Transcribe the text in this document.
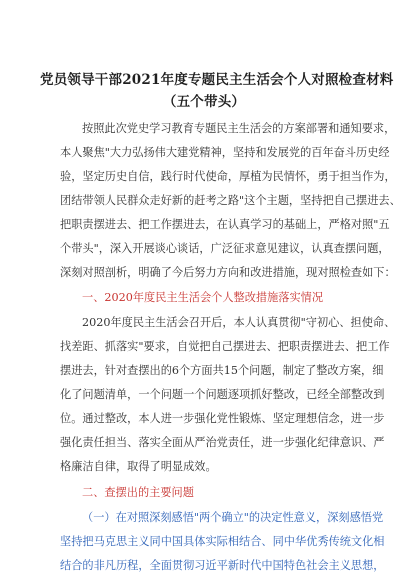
党员领导干部2021年度专题民主生活会个人对照检查材料
（五个带头）
按照此次党史学习教育专题民主生活会的方案部署和通知要求，
本人聚焦"大力弘扬伟大建党精神，坚持和发展党的百年奋斗历史经
验，坚定历史自信，践行时代使命，厚植为民情怀，勇于担当作为，
团结带领人民群众走好新的赶考之路"这个主题，坚持把自己摆进去、
把职责摆进去、把工作摆进去，在认真学习的基础上，严格对照"五
个带头"，深入开展谈心谈话，广泛征求意见建议，认真查摆问题，
深刻对照剖析，明确了今后努力方向和改进措施，现对照检查如下：
一、2020年度民主生活会个人整改措施落实情况
2020年度民主生活会召开后，本人认真贯彻"守初心、担使命、
找差距、抓落实"要求，自觉把自己摆进去、把职责摆进去、把工作
摆进去，针对查摆出的6个方面共15个问题，制定了整改方案，细
化了问题清单，一个问题一个问题逐项抓好整改，已经全部整改到
位。通过整改，本人进一步强化党性锻炼、坚定理想信念，进一步
强化责任担当、落实全面从严治党责任，进一步强化纪律意识、严
格廉洁自律，取得了明显成效。
二、查摆出的主要问题
（一）在对照深刻感悟"两个确立"的决定性意义，深刻感悟党
坚持把马克思主义同中国具体实际相结合、同中华优秀传统文化相
结合的非凡历程，全面贯彻习近平新时代中国特色社会主义思想，
